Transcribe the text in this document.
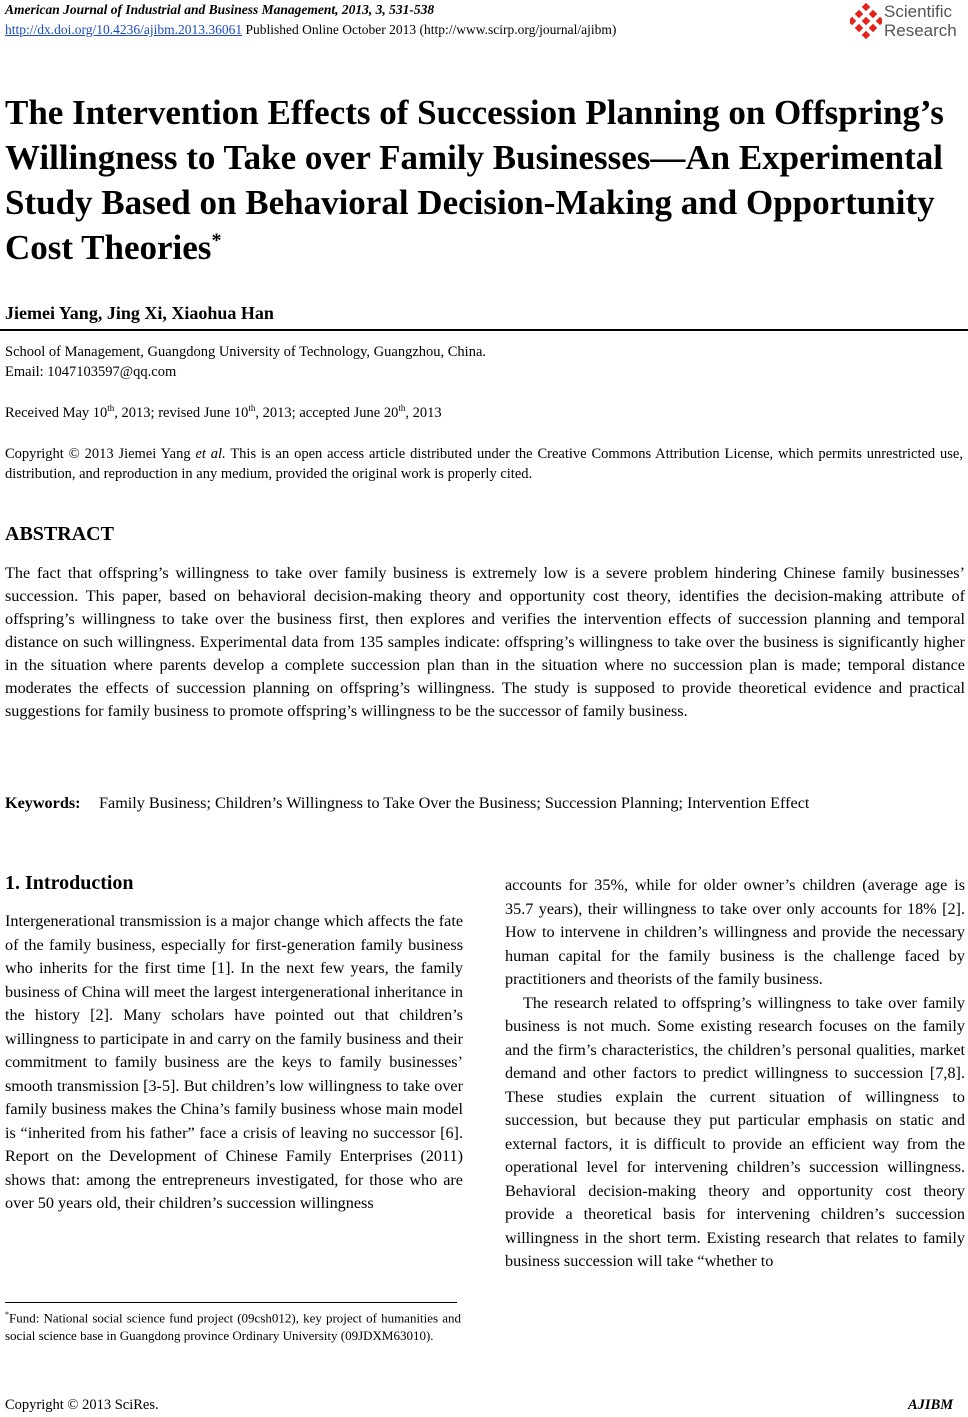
American Journal of Industrial and Business Management, 2013, 3, 531-538
http://dx.doi.org/10.4236/ajibm.2013.36061 Published Online October 2013 (http://www.scirp.org/journal/ajibm)
Scientific
Research
The Intervention Effects of Succession Planning on Offspring’s Willingness to Take over Family Businesses—An Experimental Study Based on Behavioral Decision-Making and Opportunity Cost Theories*
Jiemei Yang, Jing Xi, Xiaohua Han
School of Management, Guangdong University of Technology, Guangzhou, China.
Email: 1047103597@qq.com
Received May 10th, 2013; revised June 10th, 2013; accepted June 20th, 2013
Copyright © 2013 Jiemei Yang et al. This is an open access article distributed under the Creative Commons Attribution License, which permits unrestricted use, distribution, and reproduction in any medium, provided the original work is properly cited.
ABSTRACT

The fact that offspring’s willingness to take over family business is extremely low is a severe problem hindering Chinese family businesses’ succession. This paper, based on behavioral decision-making theory and opportunity cost theory, identifies the decision-making attribute of offspring’s willingness to take over the business first, then explores and verifies the intervention effects of succession planning and temporal distance on such willingness. Experimental data from 135 samples indicate: offspring’s willingness to take over the business is significantly higher in the situation where parents develop a complete succession plan than in the situation where no succession plan is made; temporal distance moderates the effects of succession planning on offspring’s willingness. The study is supposed to provide theoretical evidence and practical suggestions for family business to promote offspring’s willingness to be the successor of family business.

Keywords: Family Business; Children’s Willingness to Take Over the Business; Succession Planning; Intervention Effect
1. Introduction

Intergenerational transmission is a major change which affects the fate of the family business, especially for first-generation family business who inherits for the first time [1]. In the next few years, the family business of China will meet the largest intergenerational inheritance in the history [2]. Many scholars have pointed out that children’s willingness to participate in and carry on the family business and their commitment to family business are the keys to family businesses’ smooth transmission [3-5]. But children’s low willingness to take over family business makes the China’s family business whose main model is “inherited from his father” face a crisis of leaving no successor [6]. Report on the Development of Chinese Family Enterprises (2011) shows that: among the entrepreneurs investigated, for those who are over 50 years old, their children’s succession willingness

accounts for 35%, while for older owner’s children (average age is 35.7 years), their willingness to take over only accounts for 18% [2]. How to intervene in children’s willingness and provide the necessary human capital for the family business is the challenge faced by practitioners and theorists of the family business.

The research related to offspring’s willingness to take over family business is not much. Some existing research focuses on the family and the firm’s characteristics, the children’s personal qualities, market demand and other factors to predict willingness to succession [7,8]. These studies explain the current situation of willingness to succession, but because they put particular emphasis on static and external factors, it is difficult to provide an efficient way from the operational level for intervening children’s succession willingness. Behavioral decision-making theory and opportunity cost theory provide a theoretical basis for intervening children’s succession willingness in the short term. Existing research that relates to family business succession will take “whether to

*Fund: National social science fund project (09csh012), key project of humanities and social science base in Guangdong province Ordinary University (09JDXM63010).
Copyright © 2013 SciRes.	AJIBM
